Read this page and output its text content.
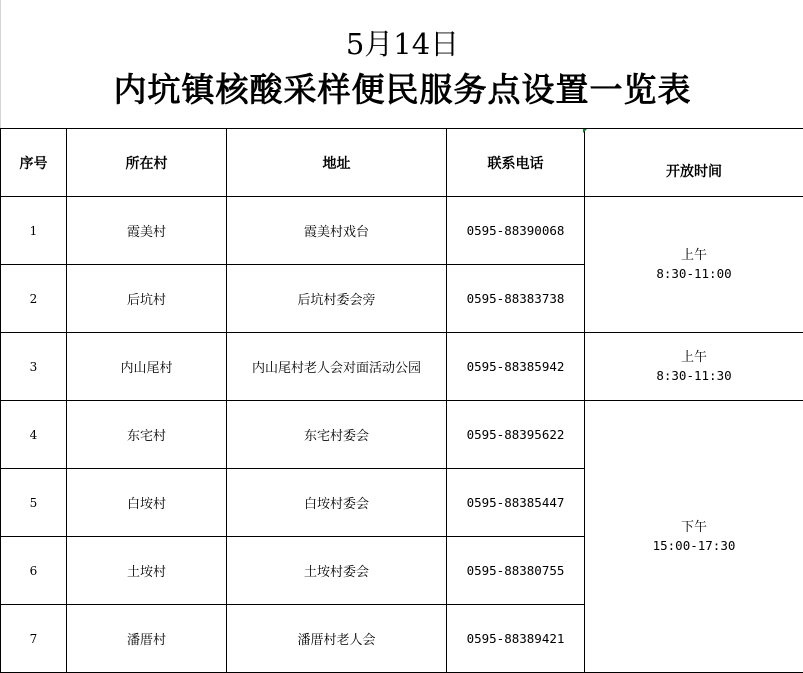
5月14日
内坑镇核酸采样便民服务点设置一览表
序号	所在村	地址	联系电话	开放时间
1	霞美村	霞美村戏台	0595-88390068	上午
8:30-11:00

2	后坑村	后坑村委会旁	0595-88383738	
3	内山尾村	内山尾村老人会对面活动公园	0595-88385942	上午
8:30-11:30

4	东宅村	东宅村委会	0595-88395622	下午
15:00-17:30

5	白垵村	白垵村委会	0595-88385447	
6	土垵村	土垵村委会	0595-88380755	
7	潘厝村	潘厝村老人会	0595-88389421	
